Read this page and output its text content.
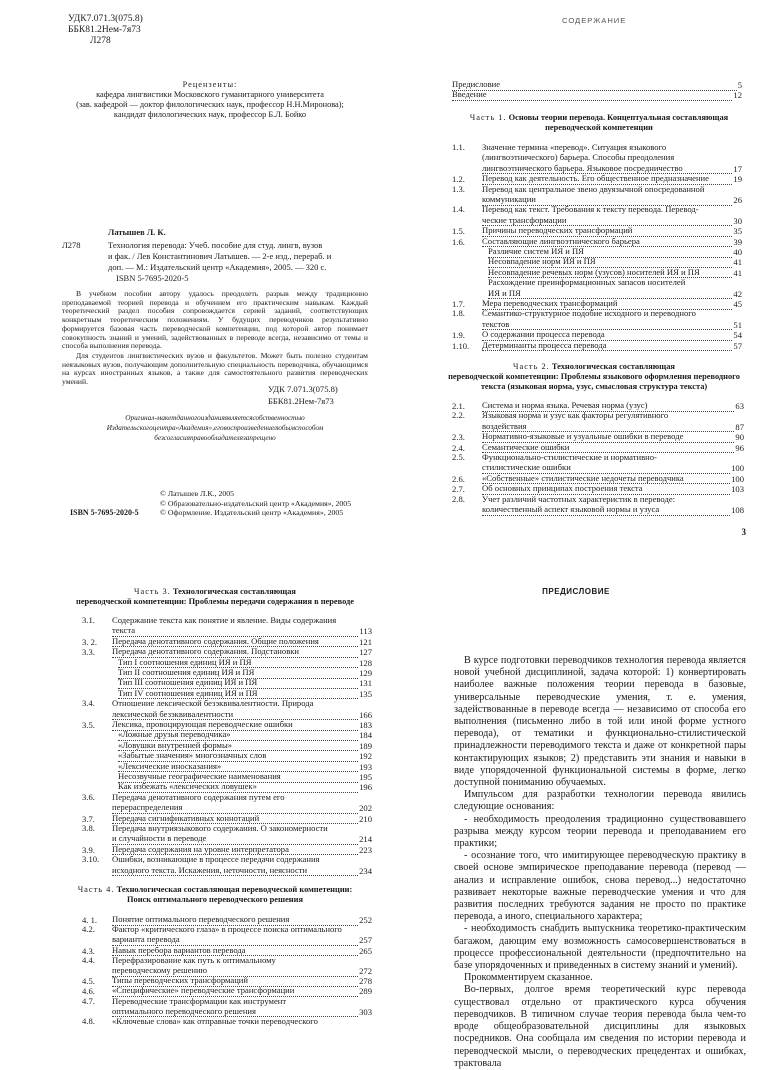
УДК7.071.3(075.8)
ББК81.2Нем-7я73
Л278
Рецензенты:
кафедра лингвистики Московского гуманитарного университета
(зав. кафедрой — доктор филологических наук, профессор Н.Н.Миронова);
кандидат филологических наук, профессор Б.Л. Бойко
Латышев Л. К.
Л278	Технология перевода: Учеб. пособие для студ. лингв, вузов
и фак. / Лев Константинович Латышев. — 2-е изд., перераб. и
доп. — М.: Издательский центр «Академия», 2005. — 320 с.
ISBN 5-7695-2020-5

В учебном пособии автору удалось преодолеть разрыв между традиционно преподаваемой теорией перевода и обучением его практическим навыкам. Каждый теоретический раздел пособия сопровождается серией заданий, соответствующих конкретным теоретическим положениям. У будущих переводчиков результативно формируется базовая часть переводческой компетенции, под которой автор понимает совокупность знаний и умений, задействованных в переводе всегда, независимо от темы и способа выполнения перевода.

Для студентов лингвистических вузов и факультетов. Может быть полезно студентам неязыковых вузов, получающим дополнительную специальность переводчика, обучающимся на курсах иностранных языков, а также для самостоятельного развития переводческих умений.

УДК 7.071.3(075.8)
ББК81.2Нем-7я73
Оригинал-макетданногоизданияявляетсясобственностью
Издательскогоцентра«Академия»,еговоспроизведениелюбымспособом
безсогласияправообладателязапрещено
© Латышев Л.К., 2005
© Образовательно-издательский центр «Академия», 2005
© Оформление. Издательский центр «Академия», 2005
ISBN 5-7695-2020-5
СОДЕРЖАНИЕ
Предисловие	5
Введение	12
Часть 1. Основы теории перевода. Концептуальная составляющая
переводческой компетенции
1.1.	Значение термина «перевод». Ситуация языкового
(лингвоэтнического) барьера. Способы преодоления
лингвоэтнического барьера. Языковое посредничество	17
1.2.	Перевод как деятельность. Его общественное предназначение	19
1.3.	Перевод как центральное звено двуязычной опосредованной
коммуникации	26
1.4.	Перевод как текст. Требования к тексту перевода. Перевод-
ческие трансформации	30
1.5.	Причины переводческих трансформаций	35
1.6.	Составляющие лингвоэтнического барьера	39
Различие систем ИЯ и ПЯ	40
Несовпадение норм ИЯ и ПЯ	41
Несовпадение речевых норм (узусов) носителей ИЯ и ПЯ	41
Расхождение преинформационных запасов носителей
ИЯ и ПЯ	42
1.7.	Мера переводческих трансформаций	45
1.8.	Семантико-структурное подобие исходного и переводного
текстов	51
1.9.	О содержании процесса перевода	54
1.10.	Детерминанты процесса перевода	57
Часть 2. Технологическая составляющая
переводческой компетенции: Проблемы языкового оформления переводного
текста (языковая норма, узус, смысловая структура текста)
2.1.	Система и норма языка. Речевая норма (узус)	63
2.2.	Языковая норма и узус как факторы регулятивного
воздействия	87
2.3.	Нормативно-языковые и узуальные ошибки в переводе	90
2.4.	Семантические ошибки	96
2.5.	Функционально-стилистические и нормативно-
стилистические ошибки	100
2.6.	«Собственные» стилистические недочеты переводчика	100
2.7.	Об основных принципах построения текста	103
2.8.	Учет различий частотных характеристик в переводе:
количественный аспект языковой нормы и узуса	108
3
Часть 3. Технологическая составляющая
переводческой компетенции: Проблемы передачи содержания в переводе
3.1.	Содержание текста как понятие и явление. Виды содержания
текста	113
3. 2.	Передача денотативного содержания. Общие положения	121
3.3.	Передача денотативного содержания. Подстановки	127
Тип I соотношения единиц ИЯ и ПЯ	128
Тип II соотношения единиц ИЯ и ПЯ	129
Тип III соотношения единиц ИЯ и ПЯ	131
Тип IV соотношения единиц ИЯ и ПЯ	135
3.4.	Отношение лексической безэквивалентности. Природа
лексической безэквивалентности	166
3.5.	Лексика, провоцирующая переводческие ошибки	183
«Ложные друзья переводчика»	184
«Ловушки внутренней формы»	189
«Забытые значения» многозначных слов	192
«Лексические иносказания»	193
Несозвучные географические наименования	195
Как избежать «лексических ловушек»	196
3.6.	Передача денотативного содержания путем его
перераспределения	202
3.7.	Передача сигнификативных коннотаций	210
3.8.	Передача внутриязыкового содержания. О закономерности
и случайности в переводе	214
3.9.	Передача содержания на уровне интерпретатора	223
3.10.	Ошибки, возникающие в процессе передачи содержания
исходного текста. Искажения, неточности, неясности	234
Часть 4. Технологическая составляющая переводческой компетенции:
Поиск оптимального переводческого решения
4. 1.	Понятие оптимального переводческого решения	252
4.2.	Фактор «критического глаза» в процессе поиска оптимального
варианта перевода	257
4.3.	Навык перебора вариантов перевода	265
4.4.	Перефразирование как путь к оптимальному
переводческому решению	272
4.5.	Типы переводческих трансформаций	278
4.6.	«Специфические» переводческие трансформации	289
4.7.	Переводческие трансформации как инструмент
оптимального переводческого решения	303
4.8.	«Ключевые слова» как отправные точки переводческого
ПРЕДИСЛОВИЕ

В курсе подготовки переводчиков технология перевода является новой учебной дисциплиной, задача которой: 1) конвертировать наиболее важные положения теории перевода в базовые, универсальные переводческие умения, т. е. умения, задействованные в переводе всегда — независимо от способа его выполнения (письменно либо в той или иной форме устного перевода), от тематики и функционально-стилистической принадлежности переводимого текста и даже от конкретной пары контактирующих языков; 2) представить эти знания и навыки в виде упорядоченной функциональной системы в форме, легко доступной пониманию обучаемых.

Импульсом для разработки технологии перевода явились следующие основания:

- необходимость преодоления традиционно существовавшего разрыва между курсом теории перевода и преподаванием его практики;

- осознание того, что имитирующее переводческую практику в своей основе эмпирическое преподавание перевода (перевод — анализ и исправление ошибок, снова перевод...) недостаточно развивает некоторые важные переводческие умения и что для развития последних требуются задания не просто по практике перевода, а иного, специального характера;

- необходимость снабдить выпускника теоретико-практическим багажом, дающим ему возможность самосовершенствоваться в процессе профессиональной деятельности (предпочтительно на базе упорядоченных и приведенных в систему знаний и умений).

Прокомментируем сказанное.

Во-первых, долгое время теоретический курс перевода существовал отдельно от практического курса обучения переводчиков. В типичном случае теория перевода была чем-то вроде общеобразовательной дисциплины для языковых посредников. Она сообщала им сведения по истории перевода и переводческой мысли, о переводческих прецедентах и ошибках, трактовала
